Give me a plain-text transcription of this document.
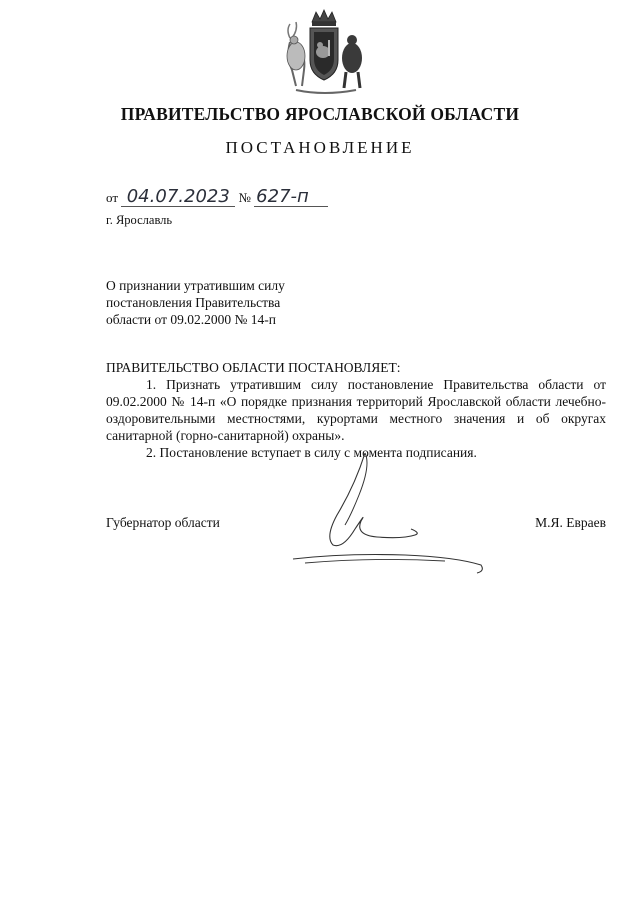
ПРАВИТЕЛЬСТВО ЯРОСЛАВСКОЙ ОБЛАСТИ
ПОСТАНОВЛЕНИЕ
от 04.07.2023 № 627-п
г. Ярославль
О признании утратившим силу
постановления Правительства
области от 09.02.2000 № 14-п
ПРАВИТЕЛЬСТВО ОБЛАСТИ ПОСТАНОВЛЯЕТ:

1. Признать утратившим силу постановление Правительства области от 09.02.2000 № 14-п «О порядке признания территорий Ярославской области лечебно-оздоровительными местностями, курортами местного значения и об округах санитарной (горно-санитарной) охраны».

2. Постановление вступает в силу с момента подписания.

Губернатор области	М.Я. Евраев
